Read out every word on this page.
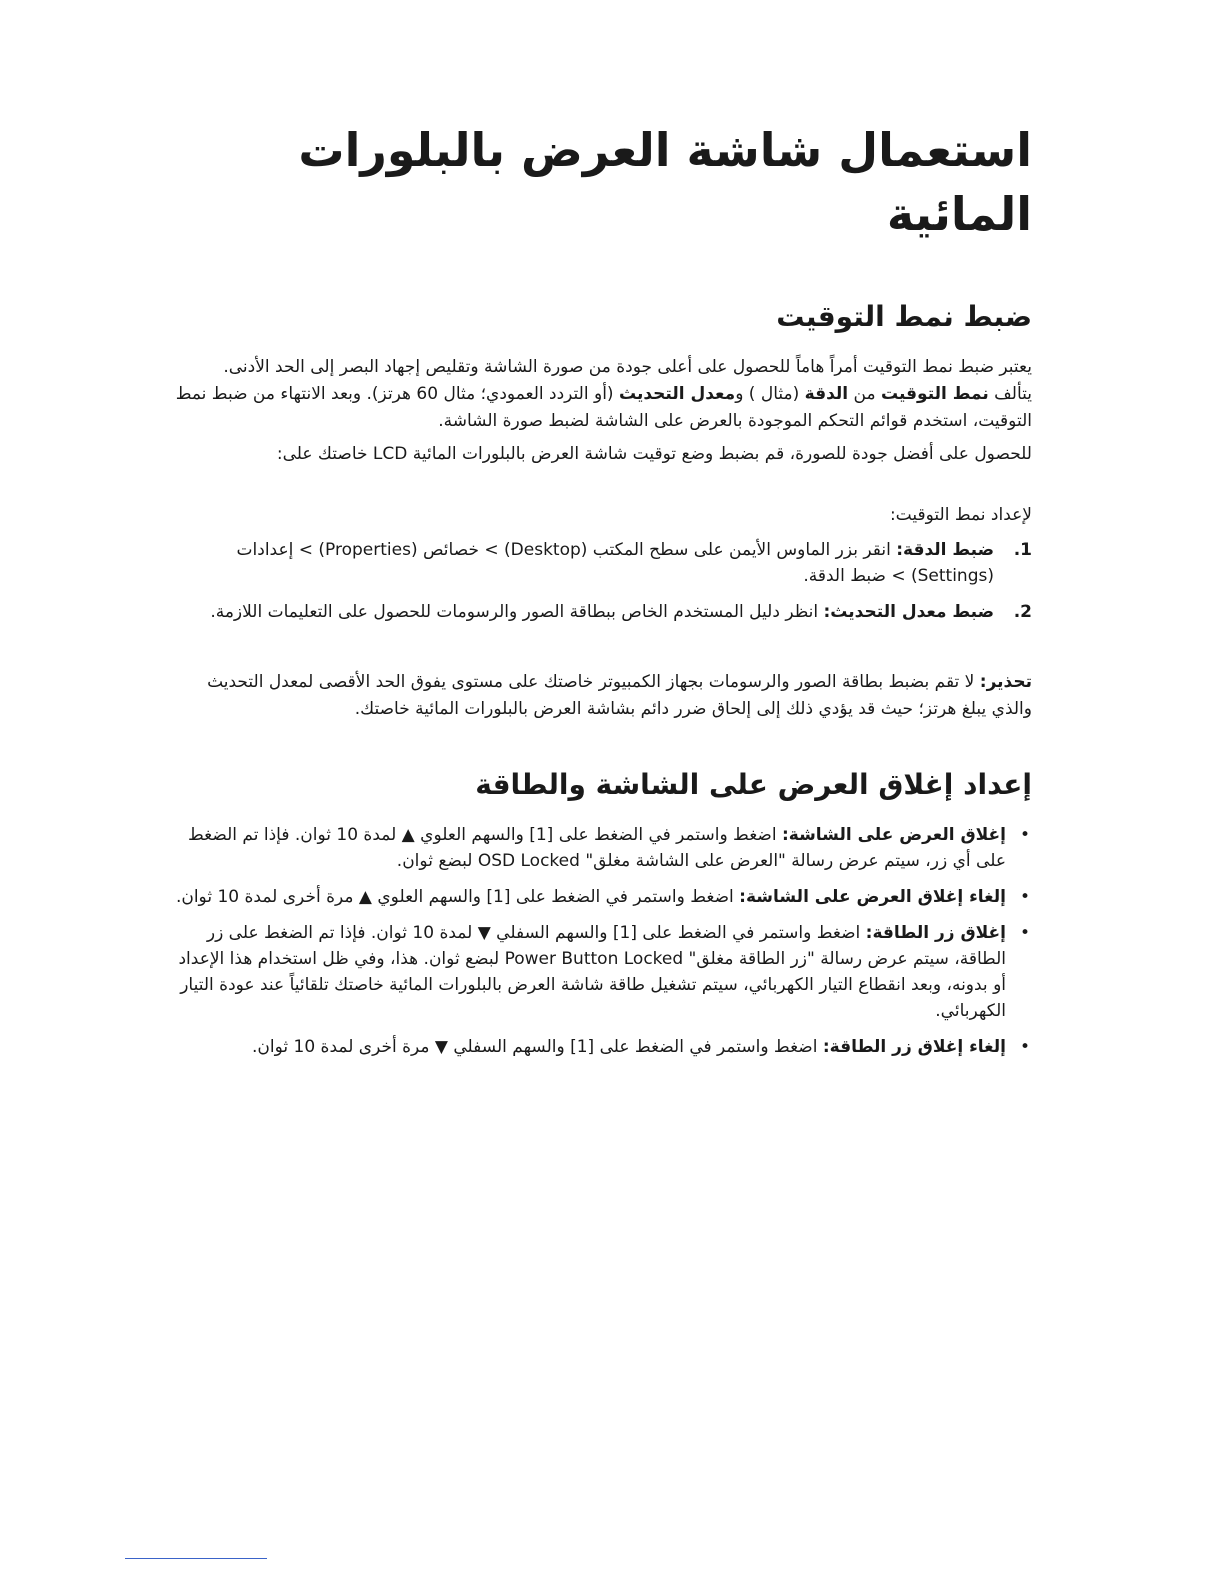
استعمال شاشة العرض بالبلورات المائية
ضبط نمط التوقيت

يعتبر ضبط نمط التوقيت أمراً هاماً للحصول على أعلى جودة من صورة الشاشة وتقليص إجهاد البصر إلى الحد الأدنى.

يتألف نمط التوقيت من الدقة (مثال ) ومعدل التحديث (أو التردد العمودي؛ مثال 60 هرتز). وبعد الانتهاء من ضبط نمط التوقيت، استخدم قوائم التحكم الموجودة بالعرض على الشاشة لضبط صورة الشاشة.

للحصول على أفضل جودة للصورة، قم بضبط وضع توقيت شاشة العرض بالبلورات المائية LCD خاصتك على:

لإعداد نمط التوقيت:

1.
ضبط الدقة: انقر بزر الماوس الأيمن على سطح المكتب (Desktop) > خصائص (Properties) > إعدادات (Settings) > ضبط الدقة.
2.
ضبط معدل التحديث: انظر دليل المستخدم الخاص ببطاقة الصور والرسومات للحصول على التعليمات اللازمة.

تحذير: لا تقم بضبط بطاقة الصور والرسومات بجهاز الكمبيوتر خاصتك على مستوى يفوق الحد الأقصى لمعدل التحديث والذي يبلغ هرتز؛ حيث قد يؤدي ذلك إلى إلحاق ضرر دائم بشاشة العرض بالبلورات المائية خاصتك.

إعداد إغلاق العرض على الشاشة والطاقة
•
إغلاق العرض على الشاشة: اضغط واستمر في الضغط على [1] والسهم العلوي ▲ لمدة 10 ثوان. فإذا تم الضغط على أي زر، سيتم عرض رسالة "العرض على الشاشة مغلق" OSD Locked لبضع ثوان.
•
إلغاء إغلاق العرض على الشاشة: اضغط واستمر في الضغط على [1] والسهم العلوي ▲ مرة أخرى لمدة 10 ثوان.
•
إغلاق زر الطاقة: اضغط واستمر في الضغط على [1] والسهم السفلي ▼ لمدة 10 ثوان. فإذا تم الضغط على زر الطاقة، سيتم عرض رسالة "زر الطاقة مغلق" Power Button Locked لبضع ثوان. هذا، وفي ظل استخدام هذا الإعداد أو بدونه، وبعد انقطاع التيار الكهربائي، سيتم تشغيل طاقة شاشة العرض بالبلورات المائية خاصتك تلقائياً عند عودة التيار الكهربائي.
•
إلغاء إغلاق زر الطاقة: اضغط واستمر في الضغط على [1] والسهم السفلي ▼ مرة أخرى لمدة 10 ثوان.
